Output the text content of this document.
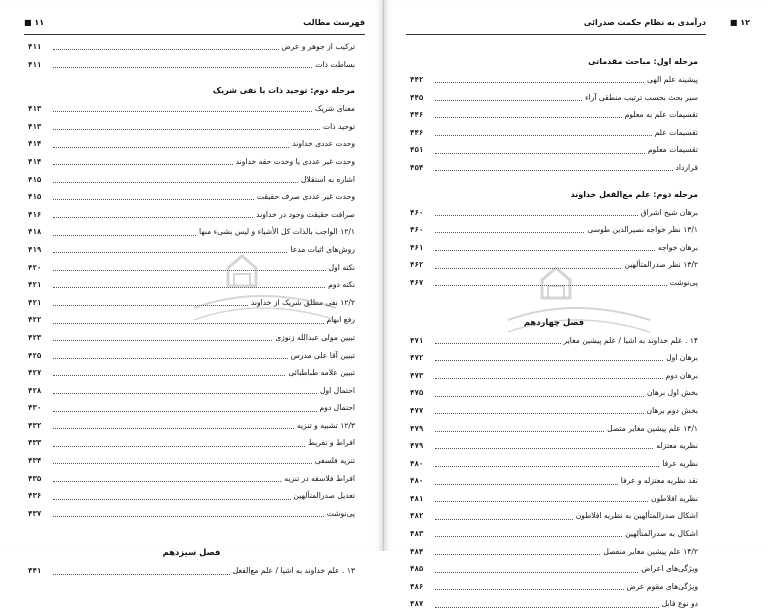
فهرست مطالب
۱۱ ■
ترکیب از جوهر و عرض
۴۱۱
بساطت ذات
۴۱۱
مرحله دوم: توحید ذات یا نفی شریک
معنای شریک
۴۱۳
توحید ذات
۴۱۳
وحدت عددی خداوند
۴۱۴
وحدت غیر عددی یا وحدت حقه خداوند
۴۱۴
اشاره به استقلال
۴۱۵
وحدت غیر عددی صرف حقیقت
۴۱۵
صرافت حقیقت وجود در خداوند
۴۱۶
۱۲/۱ الواجب بالذات کل الأشیاء و لیس بشیء منها
۴۱۸
روش‌های اثبات مدعا
۴۱۹
نکته اول
۴۲۰
نکته دوم
۴۲۱
۱۲/۲ نفی مطلق شریک از خداوند
۴۲۱
رفع ابهام
۴۲۲
تبیین مولی عبدالله زنوزی
۴۲۳
تبیین آقا علی مدرس
۴۲۵
تبیین علامه طباطبائی
۴۲۷
احتمال اول
۴۲۸
احتمال دوم
۴۳۰
۱۲/۳ تشبیه و تنزیه
۴۳۲
افراط و تفریط
۴۳۳
تنزیه فلسفی
۴۳۴
افراط فلاسفه در تنزیه
۴۳۵
تعدیل صدرالمتألهین
۴۳۶
پی‌نوشت
۴۳۷
فصل سیزدهم
۱۳ . علم خداوند به اشیا / علم مع‌الفعل
۴۴۱
درآمدی به نظام حکمت صدرائی	۱۲ ■
مرحله اول: مباحث مقدماتی
پیشینه علم الهی
۴۴۲
سیر بحث بحسب ترتیب منطقی آراء
۴۴۵
تقسیمات علم به معلوم
۴۴۶
تقسیمات علم
۴۴۶
تقسیمات معلوم
۴۵۱
قرارداد
۴۵۴
مرحله دوم: علم مع‌الفعل خداوند
برهان شیخ اشراق
۴۶۰
۱۳/۱ نظر خواجه نصیرالدین طوسی
۴۶۰
برهان خواجه
۴۶۱
۱۳/۲ نظر صدرالمتألهین
۴۶۲
پی‌نوشت
۴۶۷
فصل چهاردهم
۱۴ . علم خداوند به اشیا / علم پیشین مغایر
۴۷۱
برهان اول
۴۷۲
برهان دوم
۴۷۳
بخش اول برهان
۴۷۵
بخش دوم برهان
۴۷۷
۱۴/۱ علم پیشین مغایر متصل
۴۷۹
نظریه معتزله
۴۷۹
نظریه عرفا
۴۸۰
نقد نظریه معتزله و عرفا
۴۸۰
نظریه افلاطون
۴۸۱
اشکال صدرالمتألهین به نظریه افلاطون
۴۸۲
اشکال به صدرالمتألهین
۴۸۳
۱۴/۲ علم پیشین مغایر منفصل
۴۸۴
ویژگی‌های اعراض
۴۸۵
ویژگی‌های مقوم عرض
۴۸۶
دو نوع قابل
۴۸۷
